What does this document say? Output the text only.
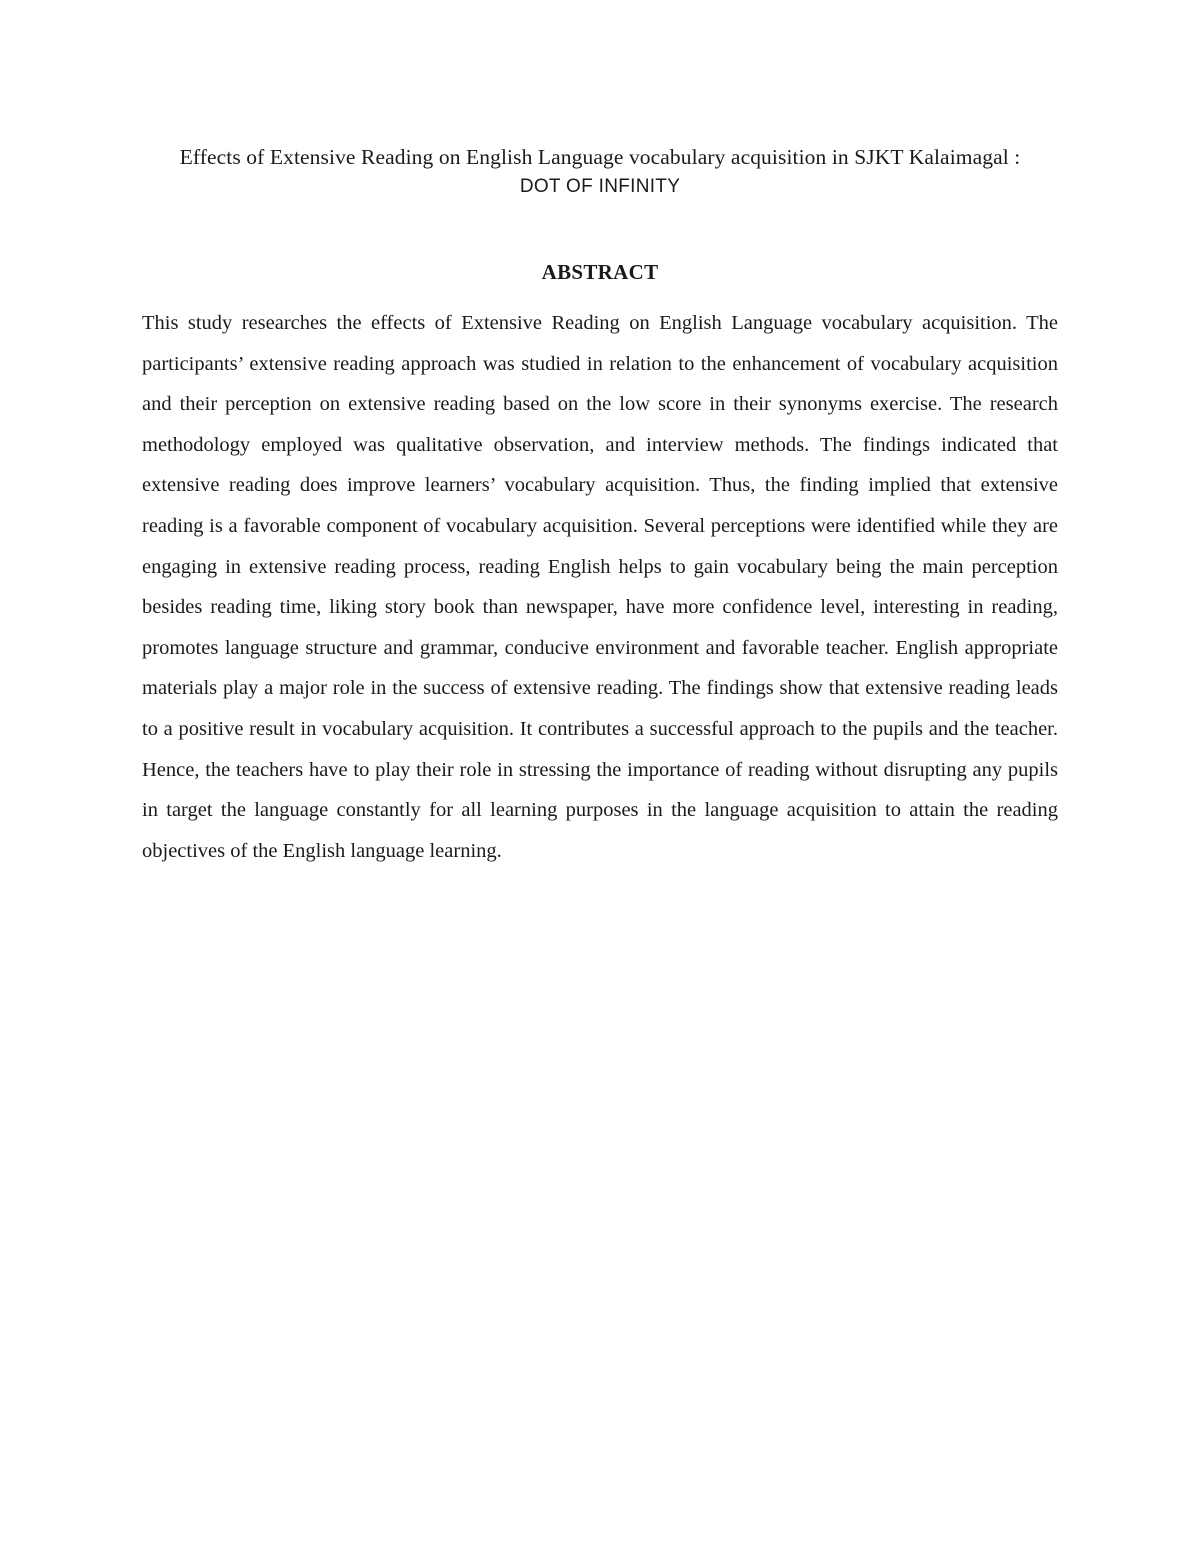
Effects of Extensive Reading on English Language vocabulary acquisition in SJKT Kalaimagal :
DOT OF INFINITY
ABSTRACT

This study researches the effects of Extensive Reading on English Language vocabulary acquisition. The participants’ extensive reading approach was studied in relation to the enhancement of vocabulary acquisition and their perception on extensive reading based on the low score in their synonyms exercise. The research methodology employed was qualitative observation, and interview methods. The findings indicated that extensive reading does improve learners’ vocabulary acquisition. Thus, the finding implied that extensive reading is a favorable component of vocabulary acquisition. Several perceptions were identified while they are engaging in extensive reading process, reading English helps to gain vocabulary being the main perception besides reading time, liking story book than newspaper, have more confidence level, interesting in reading, promotes language structure and grammar, conducive environment and favorable teacher. English appropriate materials play a major role in the success of extensive reading. The findings show that extensive reading leads to a positive result in vocabulary acquisition. It contributes a successful approach to the pupils and the teacher. Hence, the teachers have to play their role in stressing the importance of reading without disrupting any pupils in target the language constantly for all learning purposes in the language acquisition to attain the reading objectives of the English language learning.
